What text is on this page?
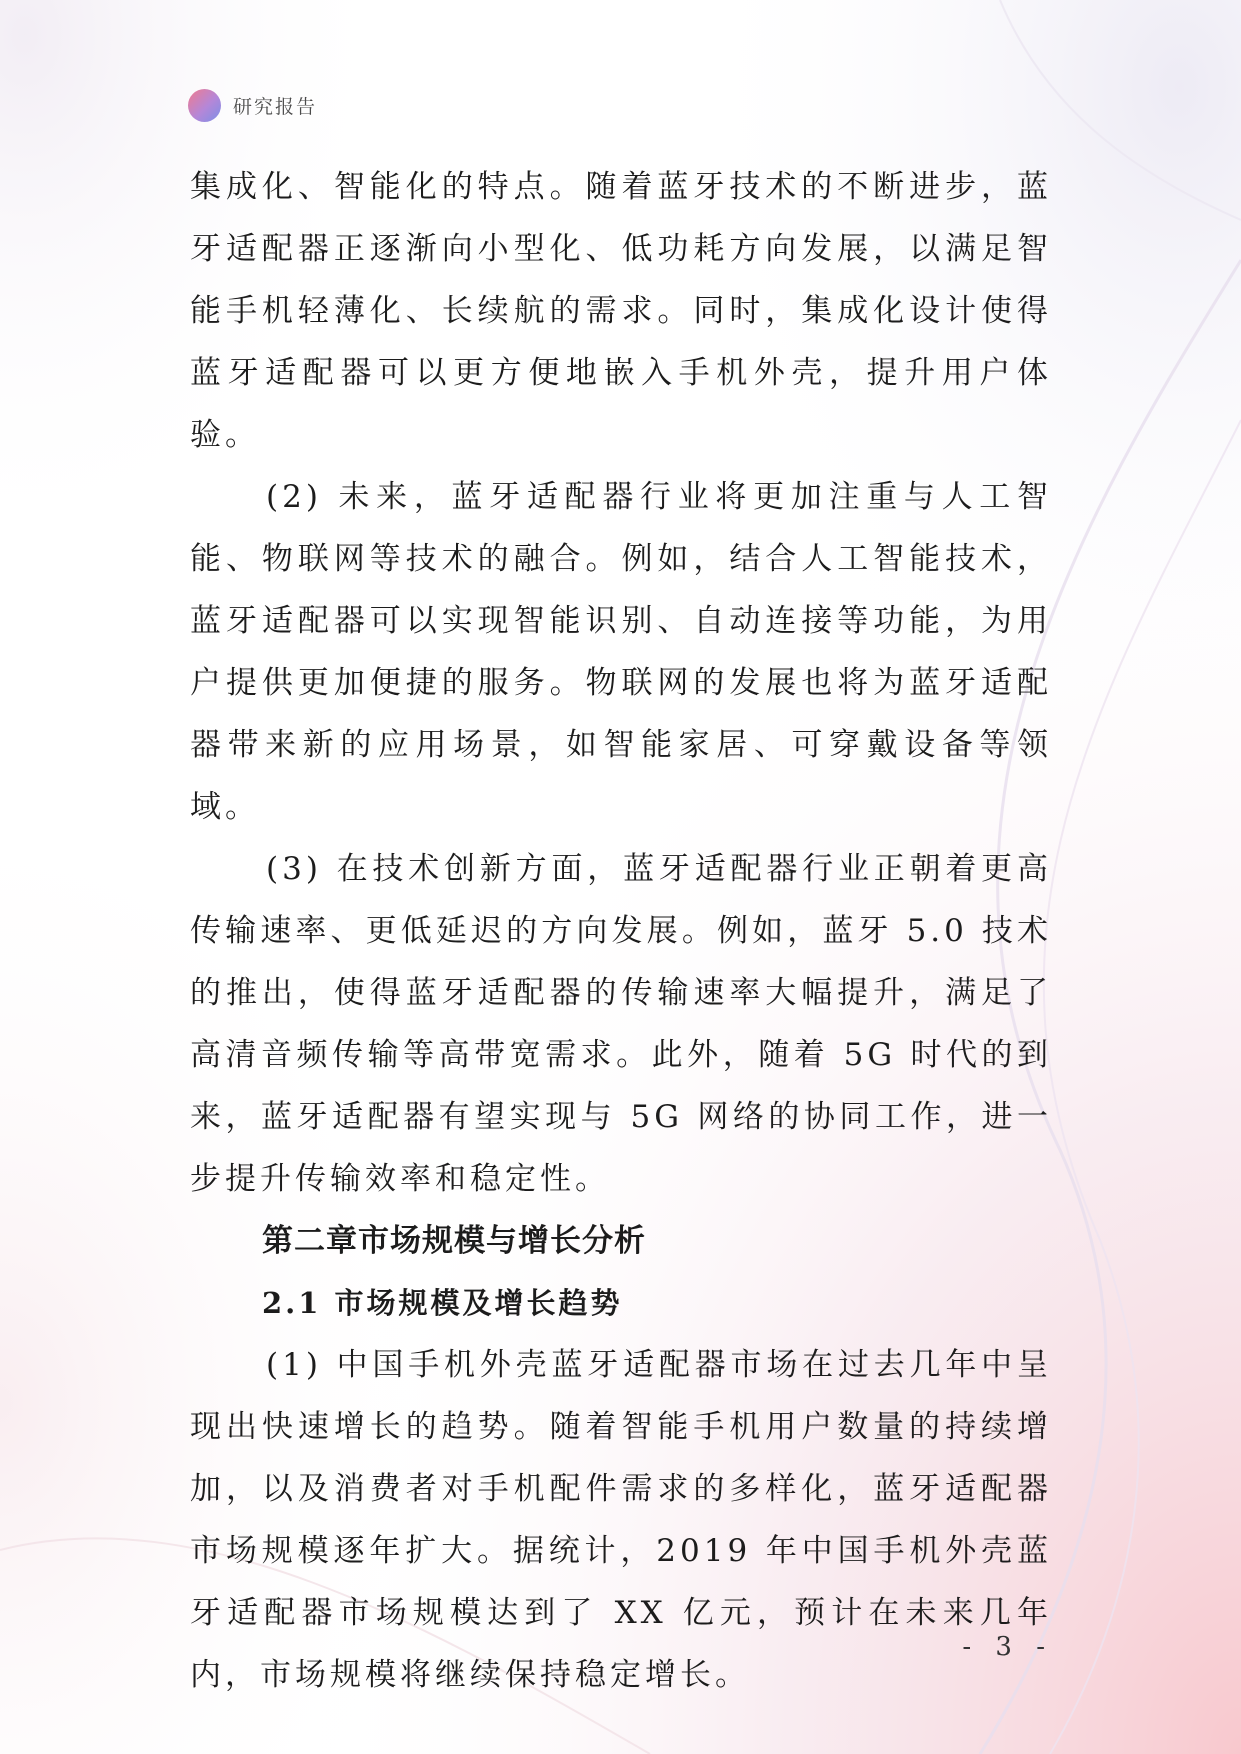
研究报告

集成化、智能化的特点。随着蓝牙技术的不断进步，蓝牙适配器正逐渐向小型化、低功耗方向发展，以满足智能手机轻薄化、长续航的需求。同时，集成化设计使得蓝牙适配器可以更方便地嵌入手机外壳，提升用户体验。

(2) 未来，蓝牙适配器行业将更加注重与人工智能、物联网等技术的融合。例如，结合人工智能技术，蓝牙适配器可以实现智能识别、自动连接等功能，为用户提供更加便捷的服务。物联网的发展也将为蓝牙适配器带来新的应用场景，如智能家居、可穿戴设备等领域。

(3) 在技术创新方面，蓝牙适配器行业正朝着更高传输速率、更低延迟的方向发展。例如，蓝牙 5.0 技术的推出，使得蓝牙适配器的传输速率大幅提升，满足了高清音频传输等高带宽需求。此外，随着 5G 时代的到来，蓝牙适配器有望实现与 5G 网络的协同工作，进一步提升传输效率和稳定性。

第二章市场规模与增长分析
2.1 市场规模及增长趋势

(1) 中国手机外壳蓝牙适配器市场在过去几年中呈现出快速增长的趋势。随着智能手机用户数量的持续增加，以及消费者对手机配件需求的多样化，蓝牙适配器市场规模逐年扩大。据统计，2019 年中国手机外壳蓝牙适配器市场规模达到了 XX 亿元，预计在未来几年内，市场规模将继续保持稳定增长。

- 3 -
